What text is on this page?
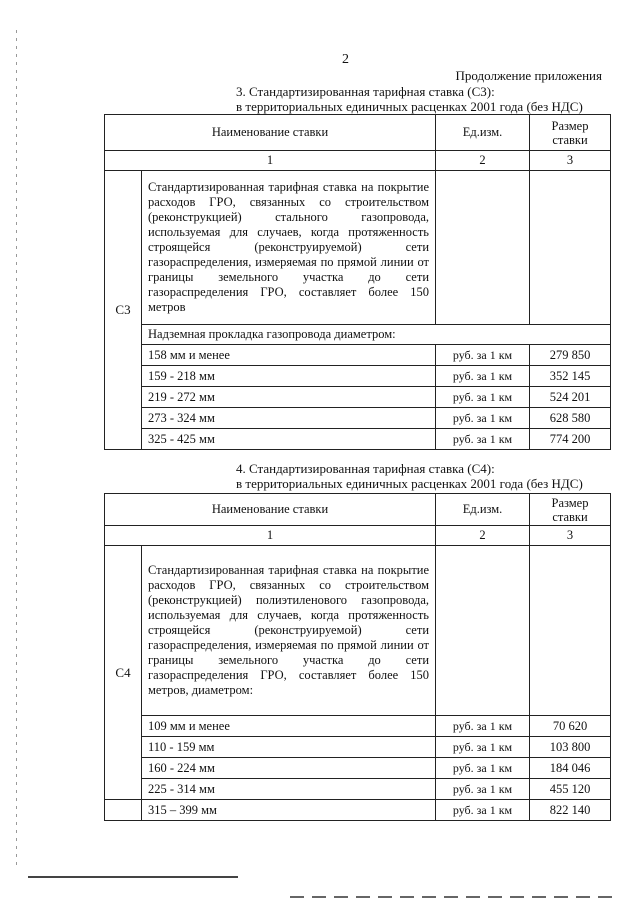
2
Продолжение приложения
3. Стандартизированная тарифная ставка (С3):
в территориальных единичных расценках 2001 года (без НДС)
Наименование ставки		Ед.изм.	Размер ставки
1		2	3
С3	Стандартизированная тарифная ставка на покрытие расходов ГРО, связанных со строительством (реконструкцией) стального газопровода, используемая для случаев, когда протяженность строящейся (реконструируемой) сети газораспределения, измеряемая по прямой линии от границы земельного участка до сети газораспределения ГРО, составляет более 150 метров		
	Надземная прокладка газопровода диаметром:		
	158 мм и менее	руб. за 1 км	279 850
	159 - 218 мм	руб. за 1 км	352 145
	219 - 272 мм	руб. за 1 км	524 201
	273 - 324 мм	руб. за 1 км	628 580
	325 - 425 мм	руб. за 1 км	774 200
4. Стандартизированная тарифная ставка (С4):
в территориальных единичных расценках 2001 года (без НДС)
Наименование ставки		Ед.изм.	Размер ставки
1		2	3
С4	Стандартизированная тарифная ставка на покрытие расходов ГРО, связанных со строительством (реконструкцией) полиэтиленового газопровода, используемая для случаев, когда протяженность строящейся (реконструируемой) сети газораспределения, измеряемая по прямой линии от границы земельного участка до сети газораспределения ГРО, составляет более 150 метров, диаметром:		
	109 мм и менее	руб. за 1 км	70 620
	110 - 159 мм	руб. за 1 км	103 800
	160 - 224 мм	руб. за 1 км	184 046
	225 - 314 мм	руб. за 1 км	455 120
	315 – 399 мм	руб. за 1 км	822 140
